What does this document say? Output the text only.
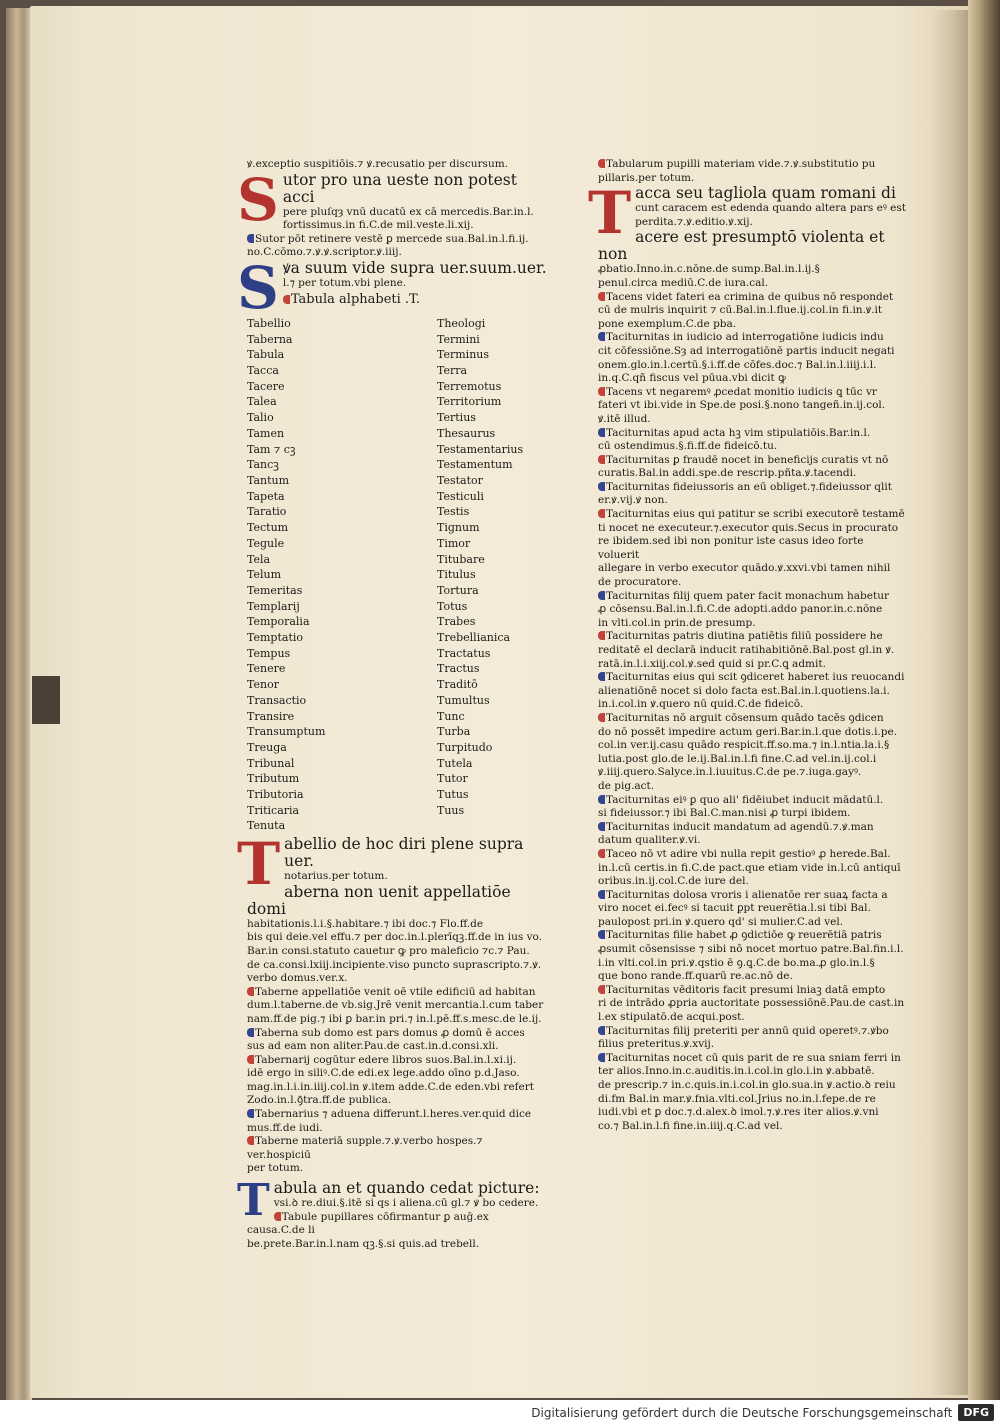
ꝟ.exceptio suspitiōis.⁊ ꝟ.recusatio per discursum.

S utor pro una ueste non potest acci

pere pluſqȝ vnū ducatū ex cā mercedis.Bar.in.l.

fortissimus.in fi.C.de mil.veste.li.xij.

Sutor pōt retinere vestē ꝑ mercede sua.Bal.in.l.fi.ij.

no.C.cōmo.⁊.ꝟ.ꝟ.scriptor.ꝟ.iiij.

S ꝟa suum vide supra uer.suum.uer.

l.⁊ per totum.vbi plene.

Tabula alphabeti .T.

Tabellio	Theologi
Taberna	Termini
Tabula	Terminus
Tacca	Terra
Tacere	Terremotus
Talea	Territorium
Talio	Tertius
Tamen	Thesaurus
Tam ⁊ cꝫ	Testamentarius
Tancꝫ	Testamentum
Tantum	Testator
Tapeta	Testiculi
Taratio	Testis
Tectum	Tignum
Tegule	Timor
Tela	Titubare
Telum	Titulus
Temeritas	Tortura
Templarij	Totus
Temporalia	Trabes
Temptatio	Trebellianica
Tempus	Tractatus
Tenere	Tractus
Tenor	Traditō
Transactio	Tumultus
Transire	Tunc
Transumptum	Turba
Treuga	Turpitudo
Tribunal	Tutela
Tributum	Tutor
Tributoria	Tutus
Triticaria	Tuus
Tenuta
T abellio de hoc diri plene supra uer.

notarius.per totum.

aberna non uenit appellatiōe domi

habitationis.l.i.§.habitare.⁊ ibi doc.⁊ Flo.ff.de

bis qui deie.vel effu.⁊ per doc.in.l.plerīqꝫ.ff.de in ius vo.

Bar.in consi.statuto cauetur ꝙ pro maleficio ⁊c.⁊ Pau.

de ca.consi.lxiij.incipiente.viso puncto suprascripto.⁊.ꝟ.

verbo domus.ver.x.

Taberne appellatiōe venit oē vtile edificiū ad habitan

dum.l.taberne.de vb.sig.Jrē venit mercantia.l.cum taber

nam.ff.de pig.⁊ ibi ꝑ bar.in pri.⁊ in.l.pē.ff.s.mesc.de le.ij.

Taberna sub domo est pars domus ꝓ domū ē acces

sus ad eam non aliter.Pau.de cast.in.d.consi.xli.

Tabernarij cogūtur edere libros suos.Bal.in.l.xi.ij.

idē ergo in siliꝰ.C.de edi.ex lege.addo oīno p.d.Jaso.

mag.in.l.i.in.iiij.col.in ꝟ.item adde.C.de eden.vbi refert

Zodo.in.l.ꝯ̄tra.ff.de publica.

Tabernarius ⁊ aduena differunt.l.heres.ver.quid dice

mus.ff.de iudi.

Taberne materiā supple.⁊.ꝟ.verbo hospes.⁊ ver.hospiciū

per totum.

T abula an et quando cedat picture:

vsi.ꝺ re.diui.§.itē si qs i aliena.cū gl.⁊ ꝟ bo cedere.

Tabule pupillares cōfirmantur ꝑ auḡ.ex causa.C.de li

be.prete.Bar.in.l.nam qꝫ.§.si quis.ad trebell.

Tabularum pupilli materiam vide.⁊.ꝟ.substitutio pu

pillaris.per totum.

T acca seu tagliola quam romani di

cunt caracem est edenda quando altera pars eꝰ est

perdita.⁊.ꝟ.editio.ꝟ.xij.

acere est presumptō violenta et non

ꝓbatio.Inno.in.c.nōne.de sump.Bal.in.l.ij.§

penul.circa mediū.C.de iura.cal.

Tacens videt fateri ea crimina de quibus nō respondet

cū de mulris inquirit ⁊ cū.Bal.in.l.flue.ij.col.in fi.in.ꝟ.it

pone exemplum.C.de pba.

Taciturnitas in iudicio ad interrogatiōne iudicis indu

cit cōfessiōne.Sȝ ad interrogatiōnē partis inducit negati

onem.glo.in.l.certū.§.i.ff.de cōfes.doc.⁊ Bal.in.l.iiij.i.l.

in.q.C.qñ fiscus vel pūua.vbi dicit ꝙ

Tacens vt negaremꝰ ꝓcedat monitio iudicis ꝗ tūc vr

fateri vt ibi.vide in Spe.de posi.§.nono tangeñ.in.ij.col.

ꝟ.itē illud.

Taciturnitas apud acta hꝫ vim stipulatiōis.Bar.in.l.

cū ostendimus.§.fi.ff.de fideicō.tu.

Taciturnitas ꝑ fraudē nocet in beneficijs curatis vt nō

curatis.Bal.in addi.spe.de rescrip.pñta.ꝟ.tacendi.

Taciturnitas fideiussoris an eū obliget.⁊.fideiussor qlit

er.ꝟ.vij.ꝟ non.

Taciturnitas eius qui patitur se scribi executorē testamē

ti nocet ne executeur.⁊.executor quis.Secus in procurato

re ibidem.sed ibi non ponitur iste casus ideo forte voluerit

allegare in verbo executor quādo.ꝟ.xxvi.vbi tamen nihil

de procuratore.

Taciturnitas filij quem pater facit monachum habetur

ꝓ cōsensu.Bal.in.l.fi.C.de adopti.addo panor.in.c.nōne

in vlti.col.in prin.de presump.

Taciturnitas patris diutina patiētis filiū possidere he

reditatē el declarā inducit ratihabitiōnē.Bal.post gl.in ꝟ.

ratā.in.l.i.xiij.col.ꝟ.sed quid si pr.C.ꝗ admit.

Taciturnitas eius qui scit ꝯdiceret haberet ius reuocandi

alienatiōnē nocet si dolo facta est.Bal.in.l.quotiens.la.i.

in.i.col.in ꝟ.quero nū quid.C.de fideicō.

Taciturnitas nō arguit cōsensum quādo tacēs ꝯdicen

do nō possēt impedire actum geri.Bar.in.l.que dotis.i.pe.

col.in ver.ij.casu quādo respicit.ff.so.ma.⁊ in.l.ntia.la.i.§

lutia.post glo.de le.ij.Bal.in.l.fi fine.C.ad vel.in.ij.col.i

ꝟ.iiij.quero.Salyce.in.l.iuuitus.C.de pe.⁊.iuga.gayꝰ.

de pig.act.

Taciturnitas eiꝰ ꝑ quo ali' fidēiubet inducit mādatū.l.

si fideiussor.⁊ ibi Bal.C.man.nisi ꝓ turpi ibidem.

Taciturnitas inducit mandatum ad agendū.⁊.ꝟ.man

datum qualiter.ꝟ.vi.

Taceo nō vt adire vbi nulla repit gestioꝰ ꝓ herede.Bal.

in.l.cū certis.in fi.C.de pact.que etiam vide in.l.cū antiquī

oribus.in.ij.col.C.de iure del.

Taciturnitas dolosa vroris i alienatōe rer suaꝝ facta a

viro nocet ei.fecꝰ si tacuit ꝑpt reuerētia.l.si tibi Bal.

paulopost pri.in ꝟ.quero qd' si mulier.C.ad vel.

Taciturnitas filie habet ꝓ ꝯdictiōe ꝙ reuerētiā patris

ꝓsumit cōsensisse ⁊ sibi nō nocet mortuo patre.Bal.fin.i.l.

i.in vlti.col.in pri.ꝟ.qstio ē ꝯ.ꝗ.C.de bo.ma.ꝓ glo.in.l.§

que bono rande.ff.quarū re.ac.nō de.

Taciturnitas vēditoris facit presumi lniaꝫ datā empto

ri de intrādo ꝓpria auctoritate possessiōnē.Pau.de cast.in

l.ex stipulatō.de acqui.post.

Taciturnitas filij preteriti per annū quid operetꝰ.⁊.ꝟbo

filius preteritus.ꝟ.xvij.

Taciturnitas nocet cū quis parit de re sua sniam ferri in

ter alios.Inno.in.c.auditis.in.i.col.in glo.i.in ꝟ.abbatē.

de prescrip.⁊ in.c.quis.in.i.col.in glo.sua.in ꝟ.actio.ꝺ reiu

di.fm Bal.in mar.ꝟ.fnia.vlti.col.Jrius no.in.l.fepe.de re

iudi.vbi et ꝑ doc.⁊.d.alex.ꝺ imol.⁊.ꝟ.res iter alios.ꝟ.vni

co.⁊ Bal.in.l.fi fine.in.iiij.q.C.ad vel.

Digitalisierung gefördert durch die Deutsche Forschungsgemeinschaft	DFG
